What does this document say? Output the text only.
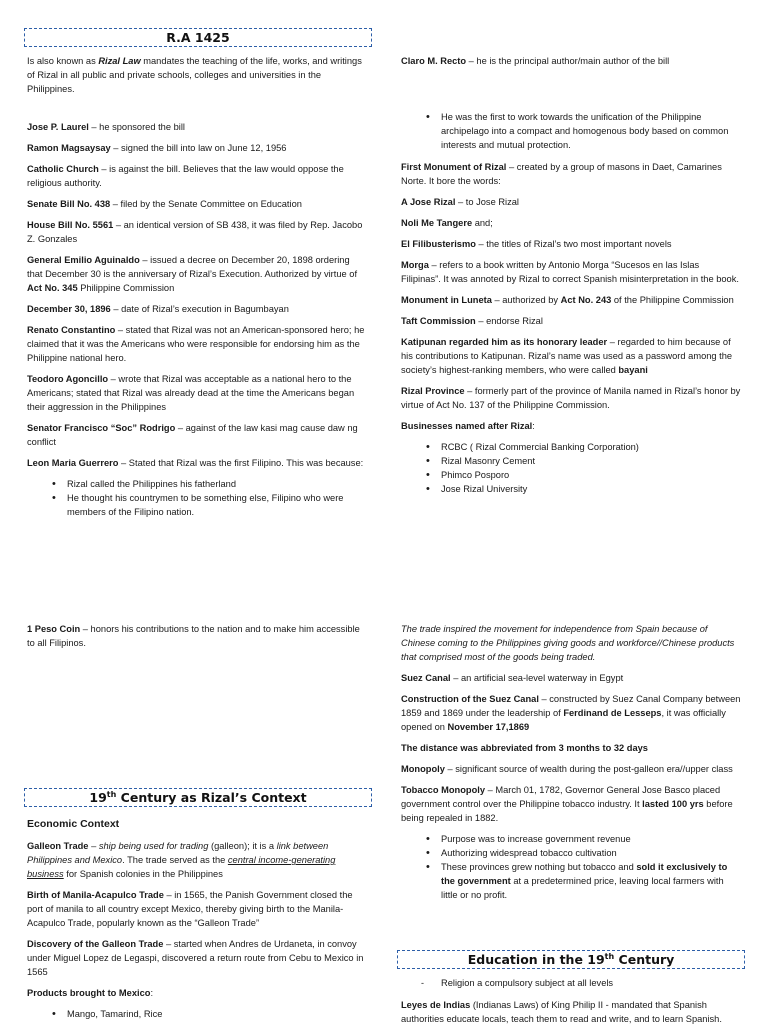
R.A 1425
19th Century as Rizal’s Context
Education in the 19th Century

Is also known as Rizal Law mandates the teaching of the life, works, and writings of Rizal in all public and private schools, colleges and universities in the Philippines.

Jose P. Laurel – he sponsored the bill

Ramon Magsaysay – signed the bill into law on June 12, 1956

Catholic Church – is against the bill. Believes that the law would oppose the religious authority.

Senate Bill No. 438 – filed by the Senate Committee on Education

House Bill No. 5561 – an identical version of SB 438, it was filed by Rep. Jacobo Z. Gonzales

General Emilio Aguinaldo – issued a decree on December 20, 1898 ordering that December 30 is the anniversary of Rizal’s Execution. Authorized by virtue of Act No. 345 Philippine Commission

December 30, 1896 – date of Rizal’s execution in Bagumbayan

Renato Constantino – stated that Rizal was not an American-sponsored hero; he claimed that it was the Americans who were responsible for endorsing him as the Philippine national hero.

Teodoro Agoncillo – wrote that Rizal was acceptable as a national hero to the Americans; stated that Rizal was already dead at the time the Americans began their aggression in the Philippines

Senator Francisco “Soc” Rodrigo – against of the law kasi mag cause daw ng conflict

Leon Maria Guerrero – Stated that Rizal was the first Filipino. This was because:

• Rizal called the Philippines his fatherland
• He thought his countrymen to be something else, Filipino who were members of the Filipino nation.

1 Peso Coin – honors his contributions to the nation and to make him accessible to all Filipinos.

Economic Context

Galleon Trade – ship being used for trading (galleon); it is a link between Philippines and Mexico. The trade served as the central income-generating business for Spanish colonies in the Philippines

Birth of Manila-Acapulco Trade – in 1565, the Panish Government closed the port of manila to all country except Mexico, thereby giving birth to the Manila-Acapulco Trade, popularly known as the “Galleon Trade”

Discovery of the Galleon Trade – started when Andres de Urdaneta, in convoy under Miguel Lopez de Legaspi, discovered a return route from Cebu to Mexico in 1565

Products brought to Mexico:

• Mango, Tamarind, Rice

Claro M. Recto – he is the principal author/main author of the bill

• He was the first to work towards the unification of the Philippine archipelago into a compact and homogenous body based on common interests and mutual protection.

First Monument of Rizal – created by a group of masons in Daet, Camarines Norte. It bore the words:

A Jose Rizal – to Jose Rizal

Noli Me Tangere and;

El Filibusterismo – the titles of Rizal’s two most important novels

Morga – refers to a book written by Antonio Morga “Sucesos en las Islas Filipinas”. It was annoted by Rizal to correct Spanish misinterpretation in the book.

Monument in Luneta – authorized by Act No. 243 of the Philippine Commission

Taft Commission – endorse Rizal

Katipunan regarded him as its honorary leader – regarded to him because of his contributions to Katipunan. Rizal’s name was used as a password among the society’s highest-ranking members, who were called bayani

Rizal Province – formerly part of the province of Manila named in Rizal’s honor by virtue of Act No. 137 of the Philippine Commission.

Businesses named after Rizal:

• RCBC ( Rizal Commercial Banking Corporation)
• Rizal Masonry Cement
• Phimco Posporo
• Jose Rizal University

The trade inspired the movement for independence from Spain because of Chinese coming to the Philippines giving goods and workforce//Chinese products that comprised most of the goods being traded.

Suez Canal – an artificial sea-level waterway in Egypt

Construction of the Suez Canal – constructed by Suez Canal Company between 1859 and 1869 under the leadership of Ferdinand de Lesseps, it was officially opened on November 17,1869

The distance was abbreviated from 3 months to 32 days

Monopoly – significant source of wealth during the post-galleon era//upper class

Tobacco Monopoly – March 01, 1782, Governor General Jose Basco placed government control over the Philippine tobacco industry. It lasted 100 yrs before being repealed in 1882.

• Purpose was to increase government revenue
• Authorizing widespread tobacco cultivation
• These provinces grew nothing but tobacco and sold it exclusively to the government at a predetermined price, leaving local farmers with little or no profit.
- Religion a compulsory subject at all levels

Leyes de Indias (Indianas Laws) of King Philip II - mandated that Spanish authorities educate locals, teach them to read and write, and to learn Spanish.
